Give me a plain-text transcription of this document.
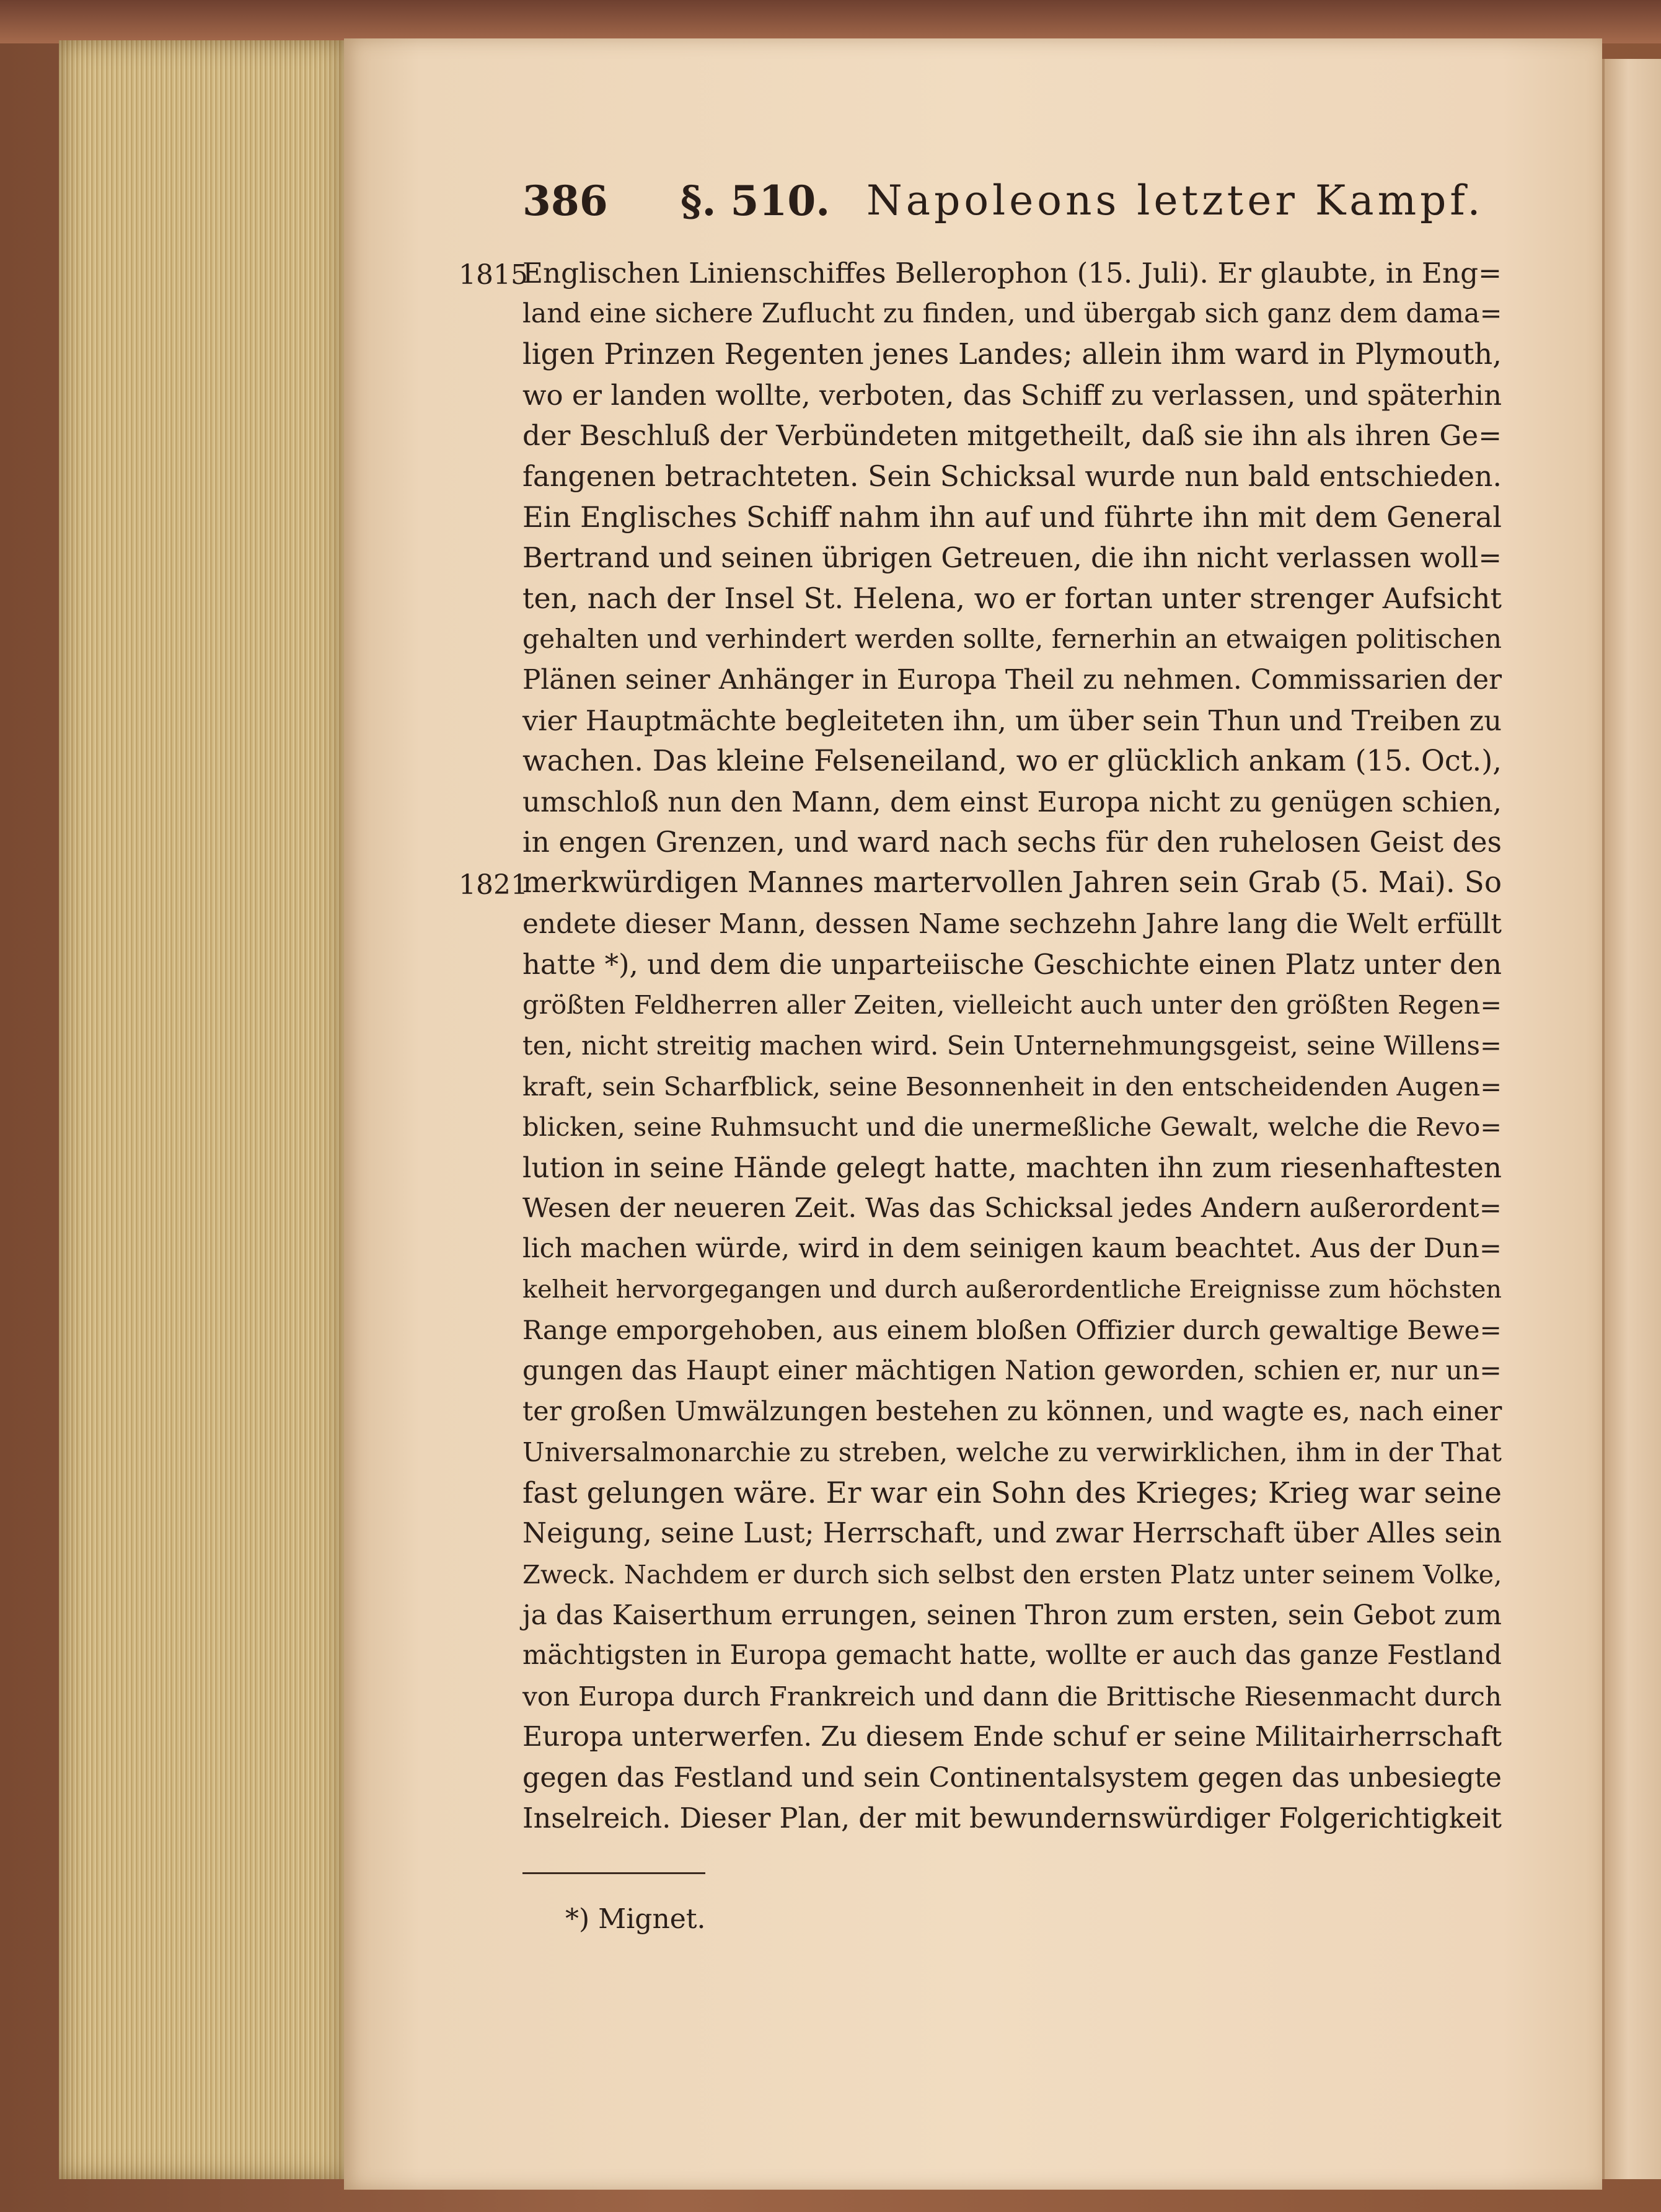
386 §. 510. Napoleons letzter Kampf.
1815
1821
Englischen Linienschiffes Bellerophon (15. Juli). Er glaubte, in Eng=
land eine sichere Zuflucht zu finden, und übergab sich ganz dem dama=
ligen Prinzen Regenten jenes Landes; allein ihm ward in Plymouth,
wo er landen wollte, verboten, das Schiff zu verlassen, und späterhin
der Beschluß der Verbündeten mitgetheilt, daß sie ihn als ihren Ge=
fangenen betrachteten. Sein Schicksal wurde nun bald entschieden.
Ein Englisches Schiff nahm ihn auf und führte ihn mit dem General
Bertrand und seinen übrigen Getreuen, die ihn nicht verlassen woll=
ten, nach der Insel St. Helena, wo er fortan unter strenger Aufsicht
gehalten und verhindert werden sollte, fernerhin an etwaigen politischen
Plänen seiner Anhänger in Europa Theil zu nehmen. Commissarien der
vier Hauptmächte begleiteten ihn, um über sein Thun und Treiben zu
wachen. Das kleine Felseneiland, wo er glücklich ankam (15. Oct.),
umschloß nun den Mann, dem einst Europa nicht zu genügen schien,
in engen Grenzen, und ward nach sechs für den ruhelosen Geist des
merkwürdigen Mannes martervollen Jahren sein Grab (5. Mai). So
endete dieser Mann, dessen Name sechzehn Jahre lang die Welt erfüllt
hatte *), und dem die unparteiische Geschichte einen Platz unter den
größten Feldherren aller Zeiten, vielleicht auch unter den größten Regen=
ten, nicht streitig machen wird. Sein Unternehmungsgeist, seine Willens=
kraft, sein Scharfblick, seine Besonnenheit in den entscheidenden Augen=
blicken, seine Ruhmsucht und die unermeßliche Gewalt, welche die Revo=
lution in seine Hände gelegt hatte, machten ihn zum riesenhaftesten
Wesen der neueren Zeit. Was das Schicksal jedes Andern außerordent=
lich machen würde, wird in dem seinigen kaum beachtet. Aus der Dun=
kelheit hervorgegangen und durch außerordentliche Ereignisse zum höchsten
Range emporgehoben, aus einem bloßen Offizier durch gewaltige Bewe=
gungen das Haupt einer mächtigen Nation geworden, schien er, nur un=
ter großen Umwälzungen bestehen zu können, und wagte es, nach einer
Universalmonarchie zu streben, welche zu verwirklichen, ihm in der That
fast gelungen wäre. Er war ein Sohn des Krieges; Krieg war seine
Neigung, seine Lust; Herrschaft, und zwar Herrschaft über Alles sein
Zweck. Nachdem er durch sich selbst den ersten Platz unter seinem Volke,
ja das Kaiserthum errungen, seinen Thron zum ersten, sein Gebot zum
mächtigsten in Europa gemacht hatte, wollte er auch das ganze Festland
von Europa durch Frankreich und dann die Brittische Riesenmacht durch
Europa unterwerfen. Zu diesem Ende schuf er seine Militairherrschaft
gegen das Festland und sein Continentalsystem gegen das unbesiegte
Inselreich. Dieser Plan, der mit bewundernswürdiger Folgerichtigkeit
*) Mignet.
